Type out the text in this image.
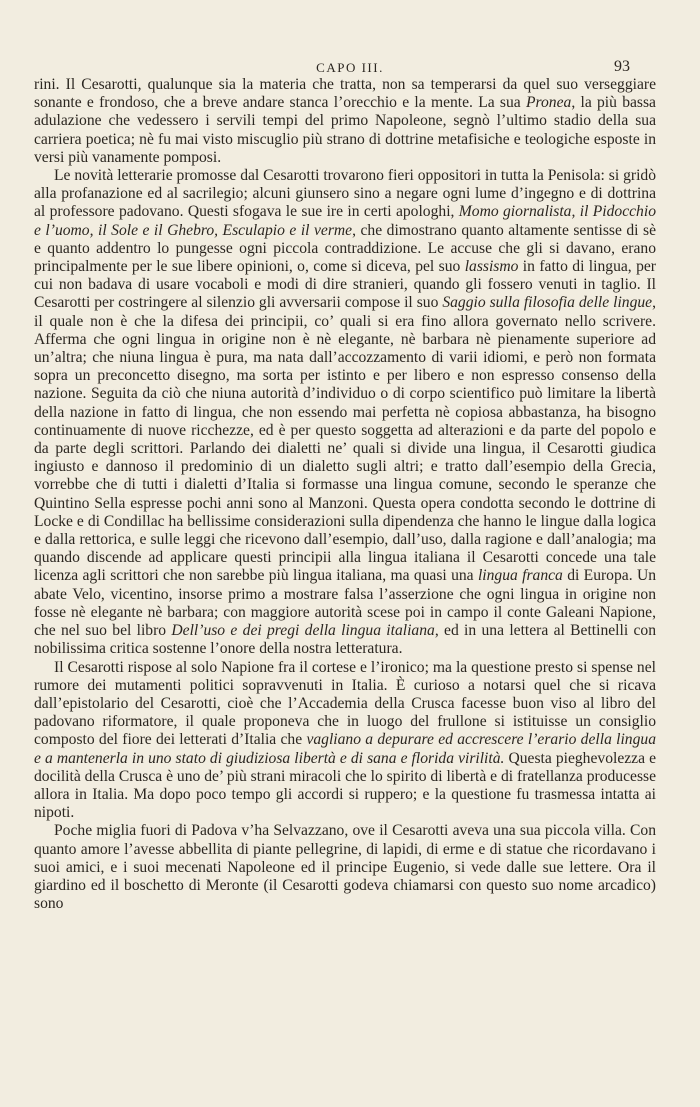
CAPO III.	93

rini. Il Cesarotti, qualunque sia la materia che tratta, non sa temperarsi da quel suo verseggiare sonante e frondoso, che a breve andare stanca l’orecchio e la mente. La sua Pronea, la più bassa adulazione che vedessero i servili tempi del primo Napoleone, segnò l’ultimo stadio della sua carriera poetica; nè fu mai visto miscuglio più strano di dottrine metafisiche e teologiche esposte in versi più vanamente pomposi.

Le novità letterarie promosse dal Cesarotti trovarono fieri oppositori in tutta la Penisola: si gridò alla profanazione ed al sacrilegio; alcuni giunsero sino a negare ogni lume d’ingegno e di dottrina al professore padovano. Questi sfogava le sue ire in certi apologhi, Momo giornalista, il Pidocchio e l’uomo, il Sole e il Ghebro, Esculapio e il verme, che dimostrano quanto altamente sentisse di sè e quanto addentro lo pungesse ogni piccola contraddizione. Le accuse che gli si davano, erano principalmente per le sue libere opinioni, o, come si diceva, pel suo lassismo in fatto di lingua, per cui non badava di usare vocaboli e modi di dire stranieri, quando gli fossero venuti in taglio. Il Cesarotti per costringere al silenzio gli avversarii compose il suo Saggio sulla filosofia delle lingue, il quale non è che la difesa dei principii, co’ quali si era fino allora governato nello scrivere. Afferma che ogni lingua in origine non è nè elegante, nè barbara nè pienamente superiore ad un’altra; che niuna lingua è pura, ma nata dall’accozzamento di varii idiomi, e però non formata sopra un preconcetto disegno, ma sorta per istinto e per libero e non espresso consenso della nazione. Seguita da ciò che niuna autorità d’individuo o di corpo scientifico può limitare la libertà della nazione in fatto di lingua, che non essendo mai perfetta nè copiosa abbastanza, ha bisogno continuamente di nuove ricchezze, ed è per questo soggetta ad alterazioni e da parte del popolo e da parte degli scrittori. Parlando dei dialetti ne’ quali si divide una lingua, il Cesarotti giudica ingiusto e dannoso il predominio di un dialetto sugli altri; e tratto dall’esempio della Grecia, vorrebbe che di tutti i dialetti d’Italia si formasse una lingua comune, secondo le speranze che Quintino Sella espresse pochi anni sono al Manzoni. Questa opera condotta secondo le dottrine di Locke e di Condillac ha bellissime considerazioni sulla dipendenza che hanno le lingue dalla logica e dalla rettorica, e sulle leggi che ricevono dall’esempio, dall’uso, dalla ragione e dall’analogia; ma quando discende ad applicare questi principii alla lingua italiana il Cesarotti concede una tale licenza agli scrittori che non sarebbe più lingua italiana, ma quasi una lingua franca di Europa. Un abate Velo, vicentino, insorse primo a mostrare falsa l’asserzione che ogni lingua in origine non fosse nè elegante nè barbara; con maggiore autorità scese poi in campo il conte Galeani Napione, che nel suo bel libro Dell’uso e dei pregi della lingua italiana, ed in una lettera al Bettinelli con nobilissima critica sostenne l’onore della nostra letteratura.

Il Cesarotti rispose al solo Napione fra il cortese e l’ironico; ma la questione presto si spense nel rumore dei mutamenti politici sopravvenuti in Italia. È curioso a notarsi quel che si ricava dall’epistolario del Cesarotti, cioè che l’Accademia della Crusca facesse buon viso al libro del padovano riformatore, il quale proponeva che in luogo del frullone si istituisse un consiglio composto del fiore dei letterati d’Italia che vagliano a depurare ed accrescere l’erario della lingua e a mantenerla in uno stato di giudiziosa libertà e di sana e florida virilità. Questa pieghevolezza e docilità della Crusca è uno de’ più strani miracoli che lo spirito di libertà e di fratellanza producesse allora in Italia. Ma dopo poco tempo gli accordi si ruppero; e la questione fu trasmessa intatta ai nipoti.

Poche miglia fuori di Padova v’ha Selvazzano, ove il Cesarotti aveva una sua piccola villa. Con quanto amore l’avesse abbellita di piante pellegrine, di lapidi, di erme e di statue che ricordavano i suoi amici, e i suoi mecenati Napoleone ed il principe Eugenio, si vede dalle sue lettere. Ora il giardino ed il boschetto di Meronte (il Cesarotti godeva chiamarsi con questo suo nome arcadico) sono
